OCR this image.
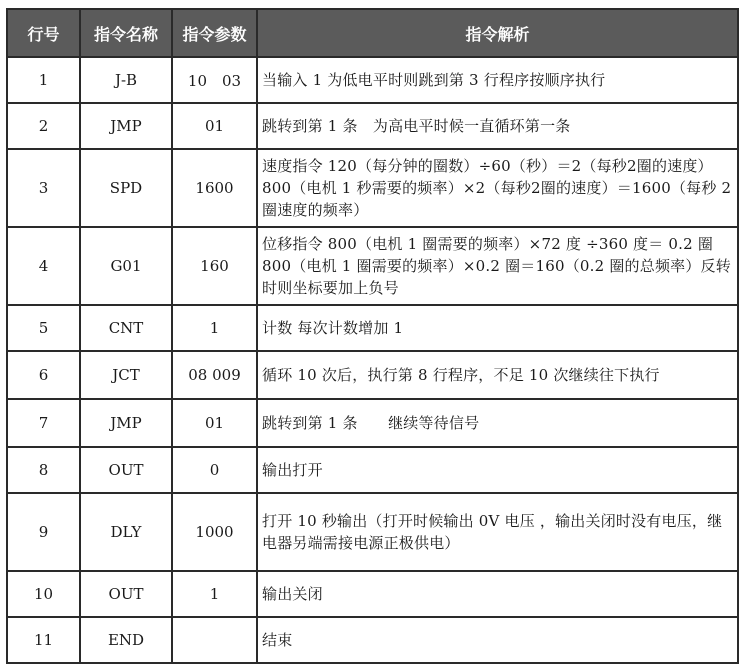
行号	指令名称	指令参数	指令解析
1	J-B	10　03	当输入 1 为低电平时则跳到第 3 行程序按顺序执行
2	JMP	01	跳转到第 1 条　为高电平时候一直循环第一条
3	SPD	1600	速度指令 120（每分钟的圈数）÷60（秒）＝2（每秒2圈的速度）800（电机 1 秒需要的频率）×2（每秒2圈的速度）＝1600（每秒 2 圈速度的频率）
4	G01	160	位移指令 800（电机 1 圈需要的频率）×72 度 ÷360 度＝ 0.2 圈　　800（电机 1 圈需要的频率）×0.2 圈＝160（0.2 圈的总频率）反转时则坐标要加上负号
5	CNT	1	计数 每次计数增加 1
6	JCT	08 009	循环 10 次后，执行第 8 行程序，不足 10 次继续往下执行
7	JMP	01	跳转到第 1 条　　继续等待信号
8	OUT	0	输出打开
9	DLY	1000	打开 10 秒输出（打开时候输出 0V 电压 ，输出关闭时没有电压，继电器另端需接电源正极供电）
10	OUT	1	输出关闭
11	END		结束
